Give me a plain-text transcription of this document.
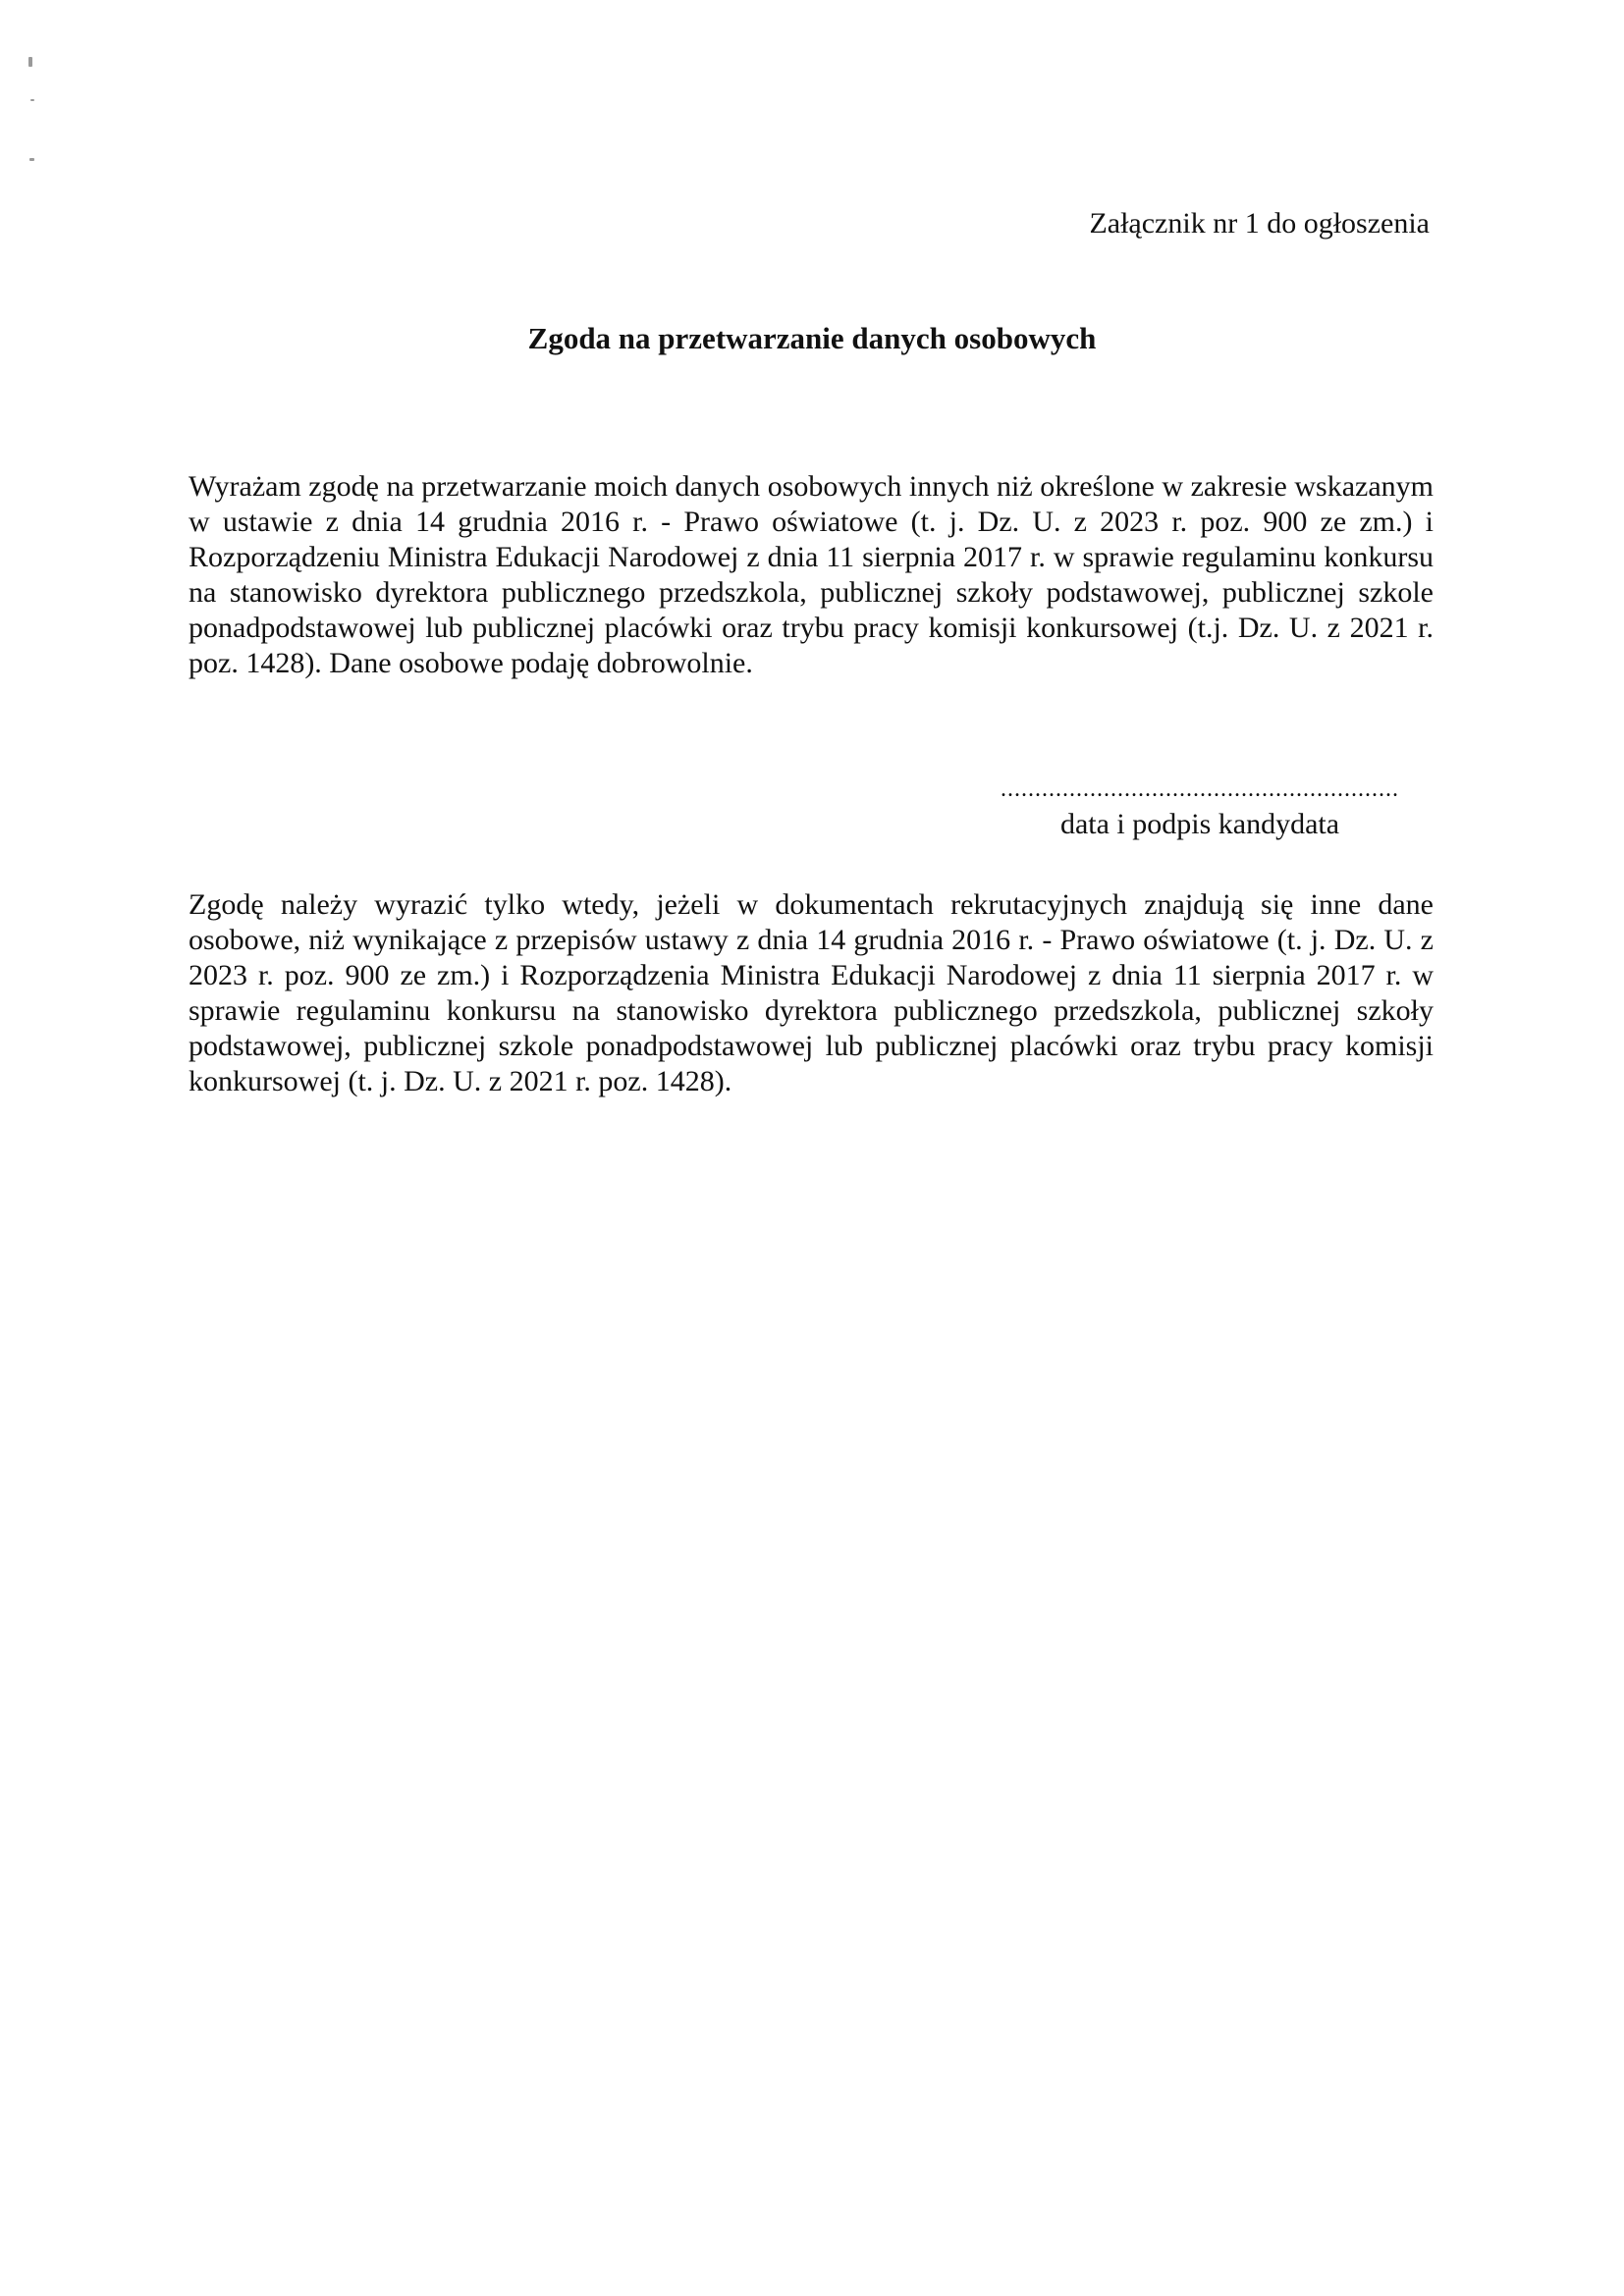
Załącznik nr 1 do ogłoszenia
Zgoda na przetwarzanie danych osobowych

Wyrażam zgodę na przetwarzanie moich danych osobowych innych niż określone w zakresie wskazanym w ustawie z dnia 14 grudnia 2016 r. - Prawo oświatowe (t. j. Dz. U. z 2023 r. poz. 900 ze zm.) i Rozporządzeniu Ministra Edukacji Narodowej z dnia 11 sierpnia 2017 r. w sprawie regulaminu konkursu na stanowisko dyrektora publicznego przedszkola, publicznej szkoły podstawowej, publicznej szkole ponadpodstawowej lub publicznej placówki oraz trybu pracy komisji konkursowej (t.j. Dz. U. z 2021 r. poz. 1428). Dane osobowe podaję dobrowolnie.

..........................................................
data i podpis kandydata

Zgodę należy wyrazić tylko wtedy, jeżeli w dokumentach rekrutacyjnych znajdują się inne dane osobowe, niż wynikające z przepisów ustawy z dnia 14 grudnia 2016 r. - Prawo oświatowe (t. j. Dz. U. z 2023 r. poz. 900 ze zm.) i Rozporządzenia Ministra Edukacji Narodowej z dnia 11 sierpnia 2017 r. w sprawie regulaminu konkursu na stanowisko dyrektora publicznego przedszkola, publicznej szkoły podstawowej, publicznej szkole ponadpodstawowej lub publicznej placówki oraz trybu pracy komisji konkursowej (t. j. Dz. U. z 2021 r. poz. 1428).
